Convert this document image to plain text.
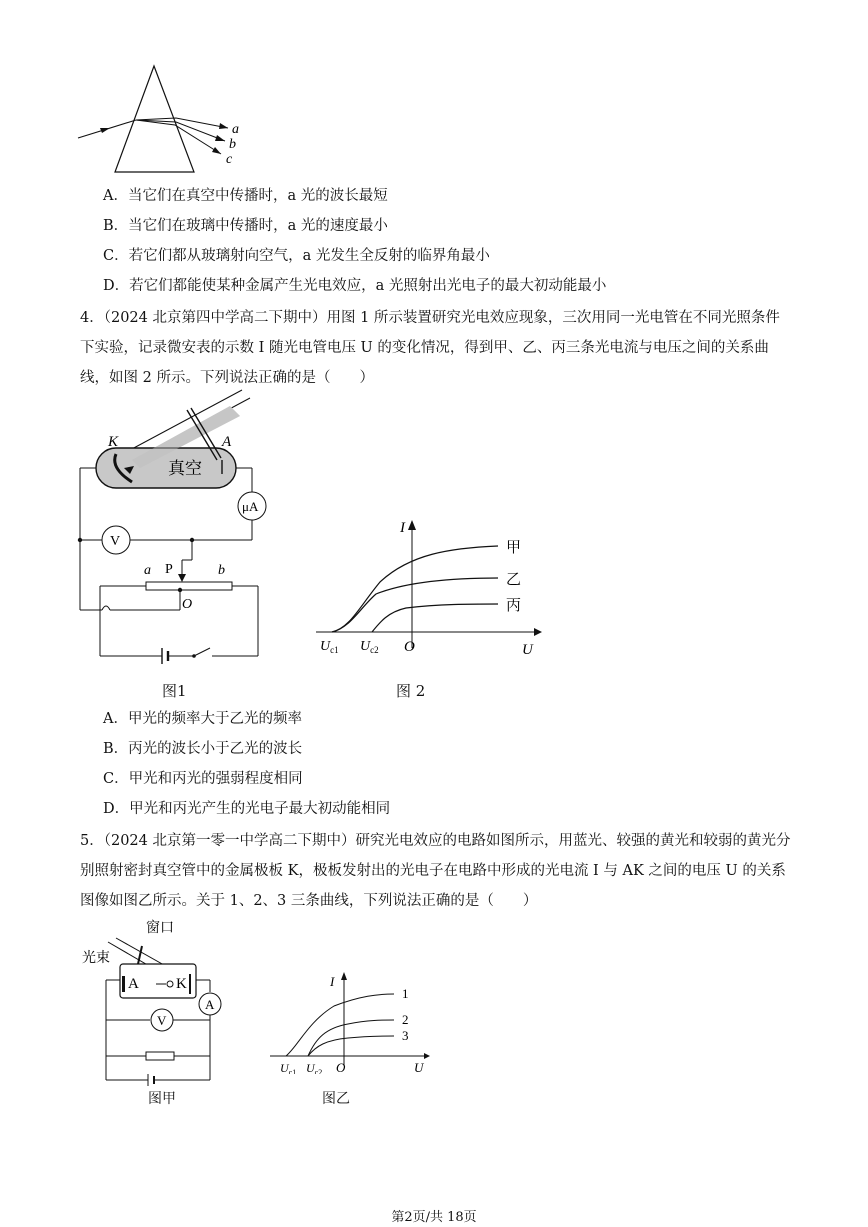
a
b
c
A．当它们在真空中传播时，a 光的波长最短
B．当它们在玻璃中传播时，a 光的速度最小
C．若它们都从玻璃射向空气，a 光发生全反射的临界角最小
D．若它们都能使某种金属产生光电效应，a 光照射出光电子的最大初动能最小
4．（2024 北京第四中学高二下期中）用图 1 所示装置研究光电效应现象，三次用同一光电管在不同光照条件下实验，记录微安表的示数 I 随光电管电压 U 的变化情况，得到甲、乙、丙三条光电流与电压之间的关系曲线，如图 2 所示。下列说法正确的是（　　）
K	A
真空
μA
V
a P	b
O
图1
I
U
O
$U_{c1}$ $U_{c2}$
甲
乙
丙
图 2
A．甲光的频率大于乙光的频率
B．丙光的波长小于乙光的波长
C．甲光和丙光的强弱程度相同
D．甲光和丙光产生的光电子最大初动能相同
5．（2024 北京第一零一中学高二下期中）研究光电效应的电路如图所示，用蓝光、较强的黄光和较弱的黄光分别照射密封真空管中的金属极板 K，极板发射出的光电子在电路中形成的光电流 I 与 AK 之间的电压 U 的关系图像如图乙所示。关于 1、2、3 三条曲线，下列说法正确的是（　　）
窗口
光束
A K
A
V
图甲
I
U
O
$U_{c1}$ $U_{c2}$
1
2
3
图乙
第2页/共 18页
